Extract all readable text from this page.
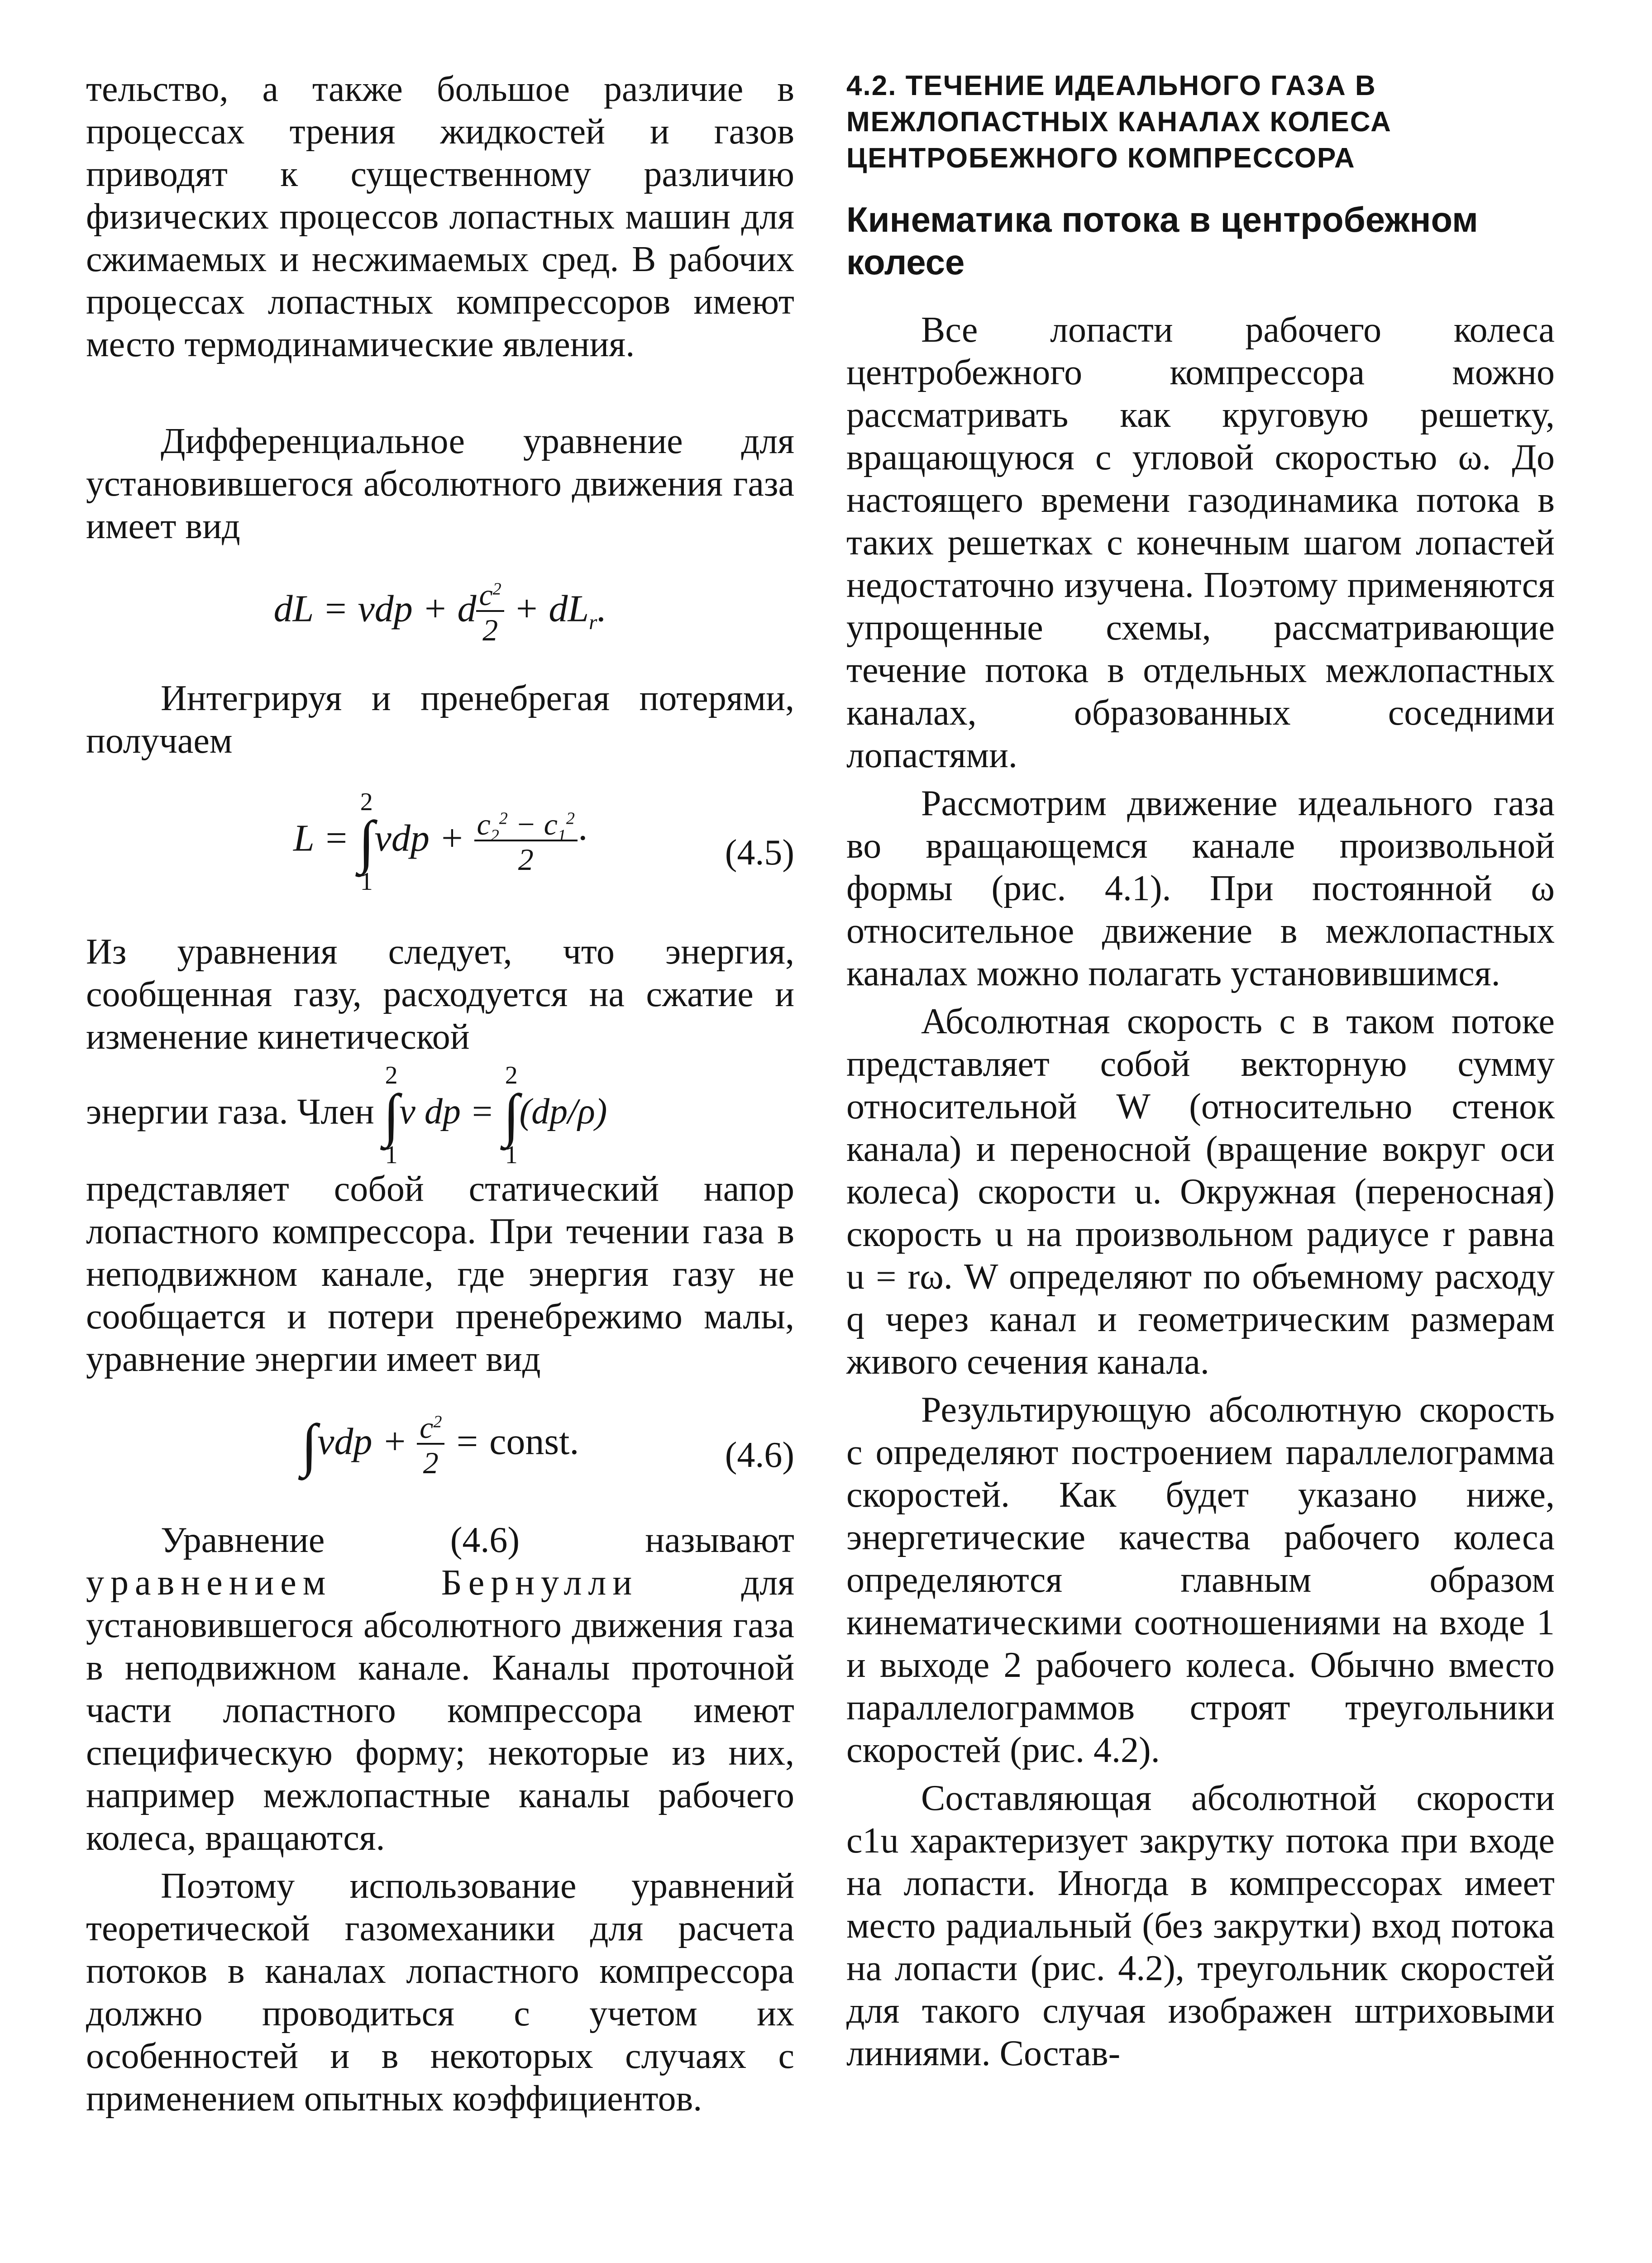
тельство, а также большое различие в процессах трения жидкостей и газов приводят к существенному различию физических процессов лопастных машин для сжимаемых и несжимаемых сред. В рабочих процессах лопастных компрессоров имеют место термодинамические явления.

Дифференциальное уравнение для установившегося абсолютного движения газа имеет вид

dL = vdp + d $\frac{c^2}{2} + dL_r$.

Интегрируя и пренебрегая потерями, получаем

L =
2
∫
1
vdp + $\frac{c_2^2 - c_1^2}{2}$ ·	(4.5)

Из уравнения следует, что энергия, сообщенная газу, расходуется на сжатие и изменение кинетической

энергии газа. Член
2
∫
1
v dp =
2
∫
1
(dp/ρ)

представляет собой статический напор лопастного компрессора. При течении газа в неподвижном канале, где энергия газу не сообщается и потери пренебрежимо малы, уравнение энергии имеет вид

∫ vdp + $\frac{c^2}{2}$ = const.	(4.6)

Уравнение (4.6) называют уравнением Бернулли	для установившегося абсолютного движения газа в неподвижном канале. Каналы проточной части лопастного компрессора имеют специфическую форму; некоторые из них, например межлопастные каналы рабочего колеса, вращаются.

Поэтому использование уравнений теоретической газомеханики для расчета потоков в каналах лопастного компрессора должно проводиться с учетом их особенностей и в некоторых случаях с применением опытных коэффициентов.

4.2. ТЕЧЕНИЕ ИДЕАЛЬНОГО ГАЗА В МЕЖЛОПАСТНЫХ КАНАЛАХ КОЛЕСА ЦЕНТРОБЕЖНОГО КОМПРЕССОРА
Кинематика потока в центробежном колесе

Все лопасти рабочего колеса центробежного компрессора можно рассматривать как круговую решетку, вращающуюся с угловой скоростью ω. До настоящего времени газодинамика потока в таких решетках с конечным шагом лопастей недостаточно изучена. Поэтому применяются упрощенные схемы, рассматривающие течение потока в отдельных межлопастных каналах, образованных соседними лопастями.

Рассмотрим движение идеального газа во вращающемся канале произвольной формы (рис. 4.1). При постоянной ω относительное движение в межлопастных каналах можно полагать установившимся.

Абсолютная скорость c в таком потоке представляет собой векторную сумму относительной W (относительно стенок канала) и переносной (вращение вокруг оси колеса) скорости u. Окружная (переносная) скорость u на произвольном радиусе r равна u = rω. W определяют по объемному расходу q через канал и геометрическим размерам живого сечения канала.

Результирующую абсолютную скорость c определяют построением параллелограмма скоростей. Как будет указано ниже, энергетические качества рабочего колеса определяются главным образом кинематическими соотношениями на входе 1 и выходе 2 рабочего колеса. Обычно вместо параллелограммов строят треугольники скоростей (рис. 4.2).

Составляющая абсолютной скорости c1u характеризует закрутку потока при входе на лопасти. Иногда в компрессорах имеет место радиальный (без закрутки) вход потока на лопасти (рис. 4.2), треугольник скоростей для такого случая изображен штриховыми линиями. Состав-
